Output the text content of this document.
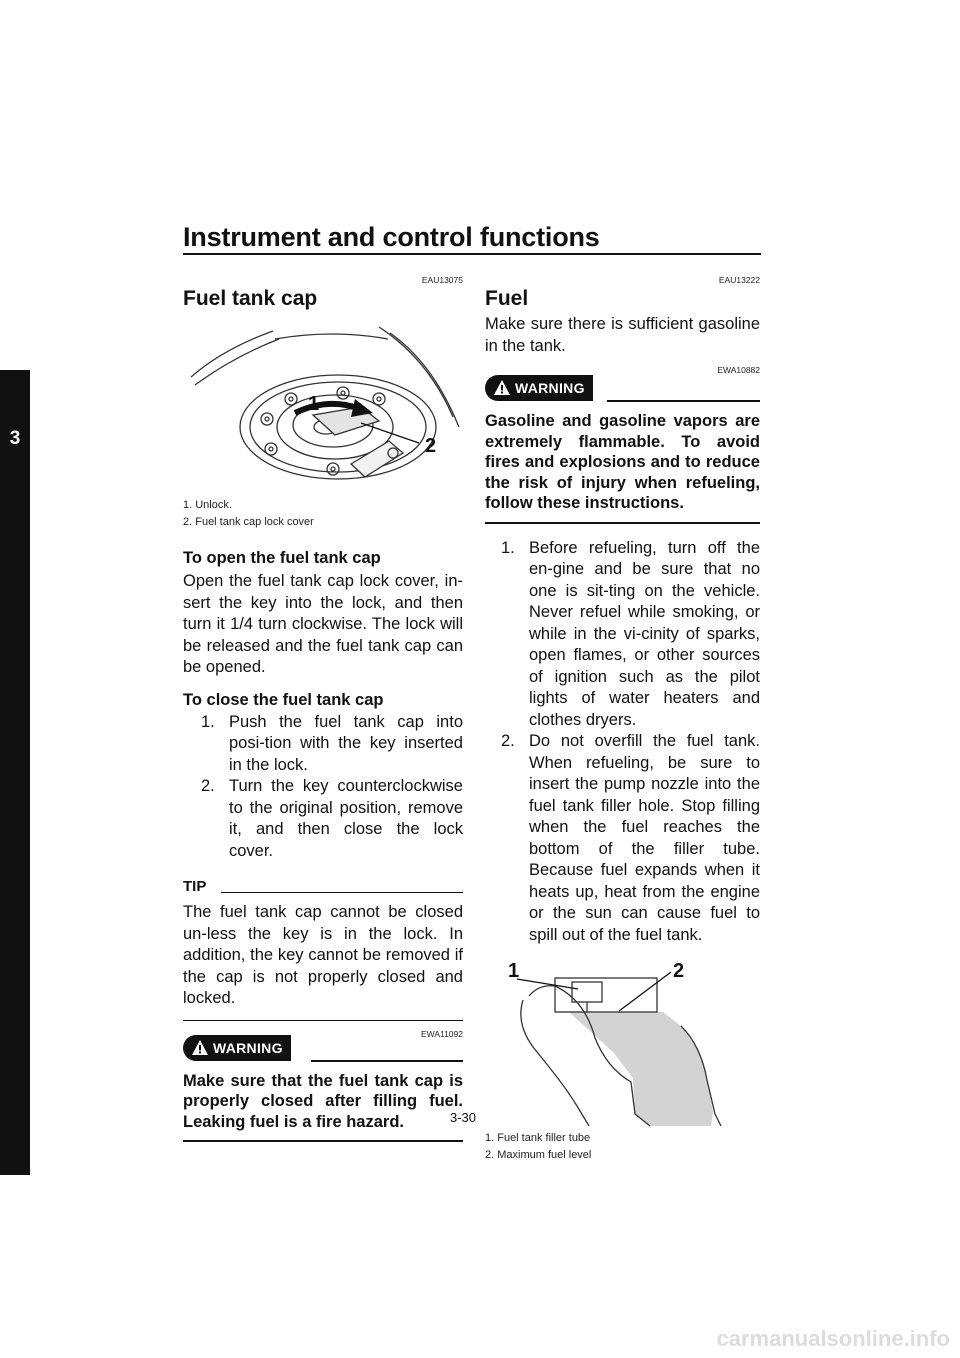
Instrument and control functions
3
EAU13075
Fuel tank cap
1
2
1. Unlock.
2. Fuel tank cap lock cover
To open the fuel tank cap
Open the fuel tank cap lock cover, in-sert the key into the lock, and then turn it 1/4 turn clockwise. The lock will be released and the fuel tank cap can be opened.
To close the fuel tank cap
1. Push the fuel tank cap into posi-tion with the key inserted in the lock.
2. Turn the key counterclockwise to the original position, remove it, and then close the lock cover.
TIP
The fuel tank cap cannot be closed un-less the key is in the lock. In addition, the key cannot be removed if the cap is not properly closed and locked.
EWA11092
WARNING
Make sure that the fuel tank cap is properly closed after filling fuel. Leaking fuel is a fire hazard.
EAU13222
Fuel
Make sure there is sufficient gasoline in the tank.
EWA10882
WARNING
Gasoline and gasoline vapors are extremely flammable. To avoid fires and explosions and to reduce the risk of injury when refueling, follow these instructions.
1. Before refueling, turn off the en-gine and be sure that no one is sit-ting on the vehicle. Never refuel while smoking, or while in the vi-cinity of sparks, open flames, or other sources of ignition such as the pilot lights of water heaters and clothes dryers.
2. Do not overfill the fuel tank. When refueling, be sure to insert the pump nozzle into the fuel tank filler hole. Stop filling when the fuel reaches the bottom of the filler tube. Because fuel expands when it heats up, heat from the engine or the sun can cause fuel to spill out of the fuel tank.
1	2
1. Fuel tank filler tube
2. Maximum fuel level
3-30
carmanualsonline.info
